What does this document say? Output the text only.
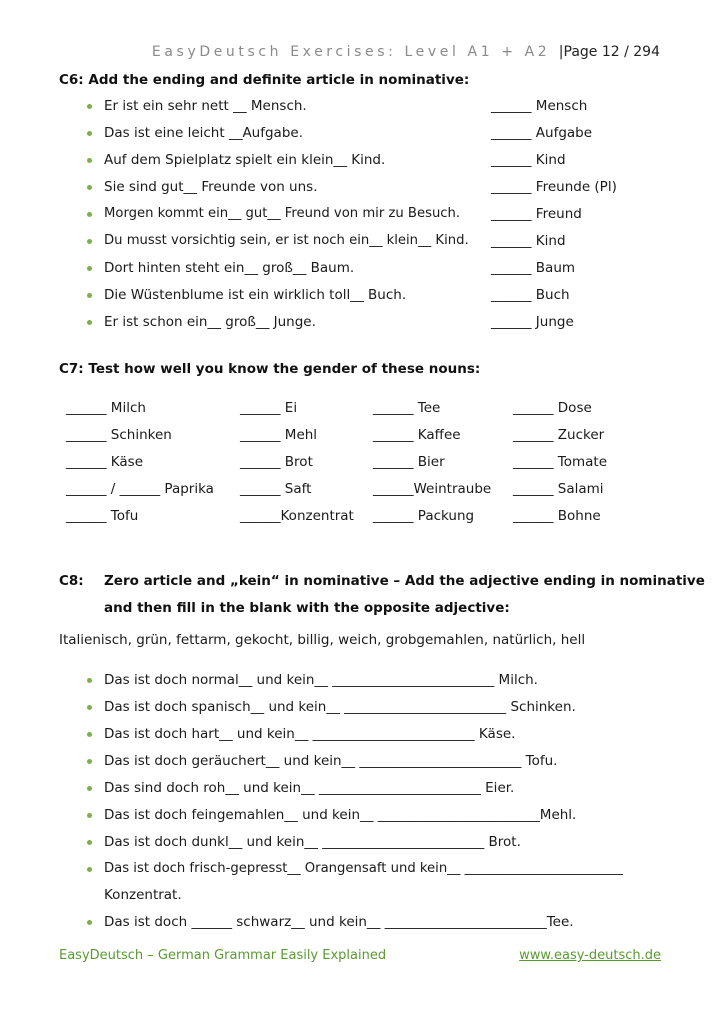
EasyDeutsch Exercises: Level A1 + A2 |Page 12 / 294
C6: Add the ending and definite article in nominative:
Er ist ein sehr nett __ Mensch.	______ Mensch
Das ist eine leicht __Aufgabe.	______ Aufgabe
Auf dem Spielplatz spielt ein klein__ Kind.	______ Kind
Sie sind gut__ Freunde von uns.	______ Freunde (Pl)
Morgen kommt ein__ gut__ Freund von mir zu Besuch. ______ Freund
Du musst vorsichtig sein, er ist noch ein__ klein__ Kind. ______ Kind
Dort hinten steht ein__ groß__ Baum.	______ Baum
Die Wüstenblume ist ein wirklich toll__ Buch.	______ Buch
Er ist schon ein__ groß__ Junge.	______ Junge
C7: Test how well you know the gender of these nouns:
______ Milch	______ Ei	______ Tee	______ Dose
______ Schinken	______ Mehl	______ Kaffee	______ Zucker
______ Käse	______ Brot	______ Bier	______ Tomate
______ / ______ Paprika ______ Saft	______Weintraube ______ Salami
______ Tofu	______Konzentrat ______ Packung	______ Bohne
C8: Zero article and „kein“ in nominative – Add the adjective ending in nominative
and then fill in the blank with the opposite adjective:
Italienisch, grün, fettarm, gekocht, billig, weich, grobgemahlen, natürlich, hell
Das ist doch normal__ und kein__ ________________________ Milch.
Das ist doch spanisch__ und kein__ ________________________ Schinken.
Das ist doch hart__ und kein__ ________________________ Käse.
Das ist doch geräuchert__ und kein__ ________________________ Tofu.
Das sind doch roh__ und kein__ ________________________ Eier.
Das ist doch feingemahlen__ und kein__ ________________________Mehl.
Das ist doch dunkl__ und kein__ ________________________ Brot.
Das ist doch frisch-gepresst__ Orangensaft und kein__ ________________________
Konzentrat.
Das ist doch ______ schwarz__ und kein__ ________________________Tee.
EasyDeutsch – German Grammar Easily Explained	www.easy-deutsch.de
